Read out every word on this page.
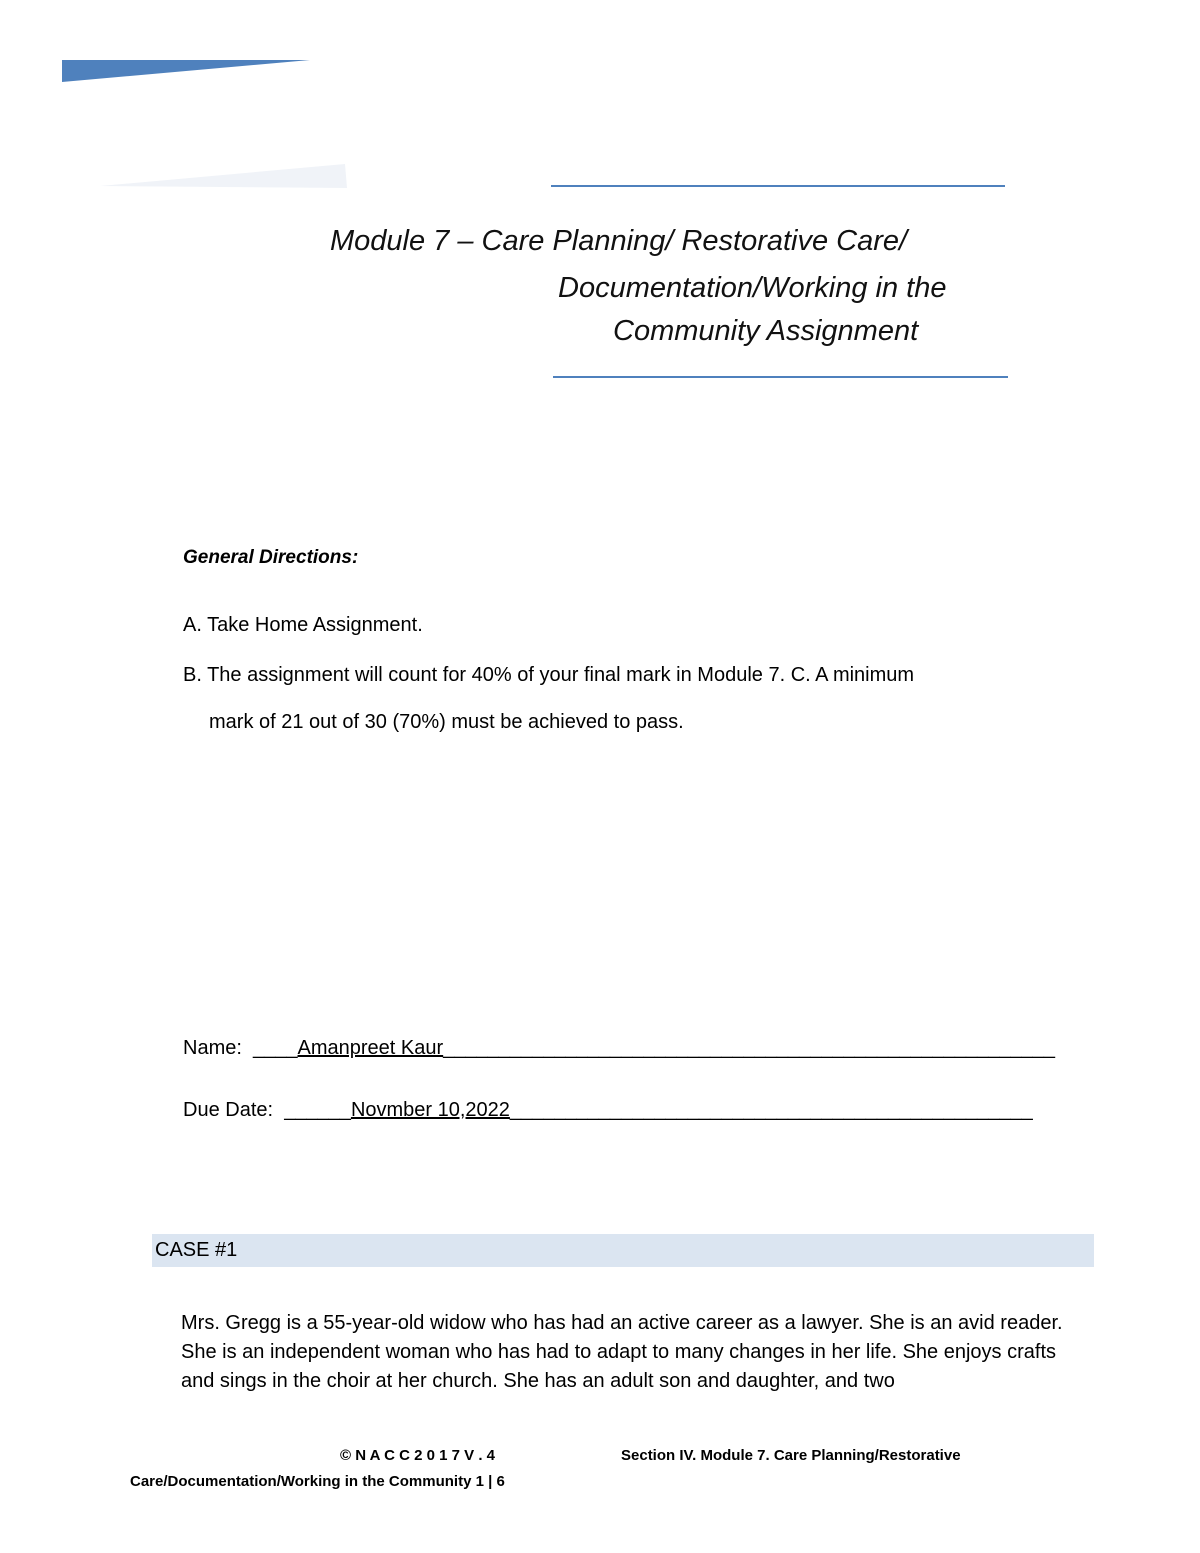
Module 7 – Care Planning/ Restorative Care/
Documentation/Working in the
Community Assignment
General Directions:
A. Take Home Assignment.
B. The assignment will count for 40% of your final mark in Module 7. C. A minimum
mark of 21 out of 30 (70%) must be achieved to pass.
Name: ____Amanpreet Kaur_______________________________________________________
Due Date: ______Novmber 10,2022_______________________________________________
CASE #1
Mrs. Gregg is a 55-year-old widow who has had an active career as a lawyer. She is an avid reader. She is an independent woman who has had to adapt to many changes in her life. She enjoys crafts and sings in the choir at her church. She has an adult son and daughter, and two
© N A C C 2 0 1 7 V . 4	Section IV. Module 7. Care Planning/Restorative
Care/Documentation/Working in the Community 1 | 6
